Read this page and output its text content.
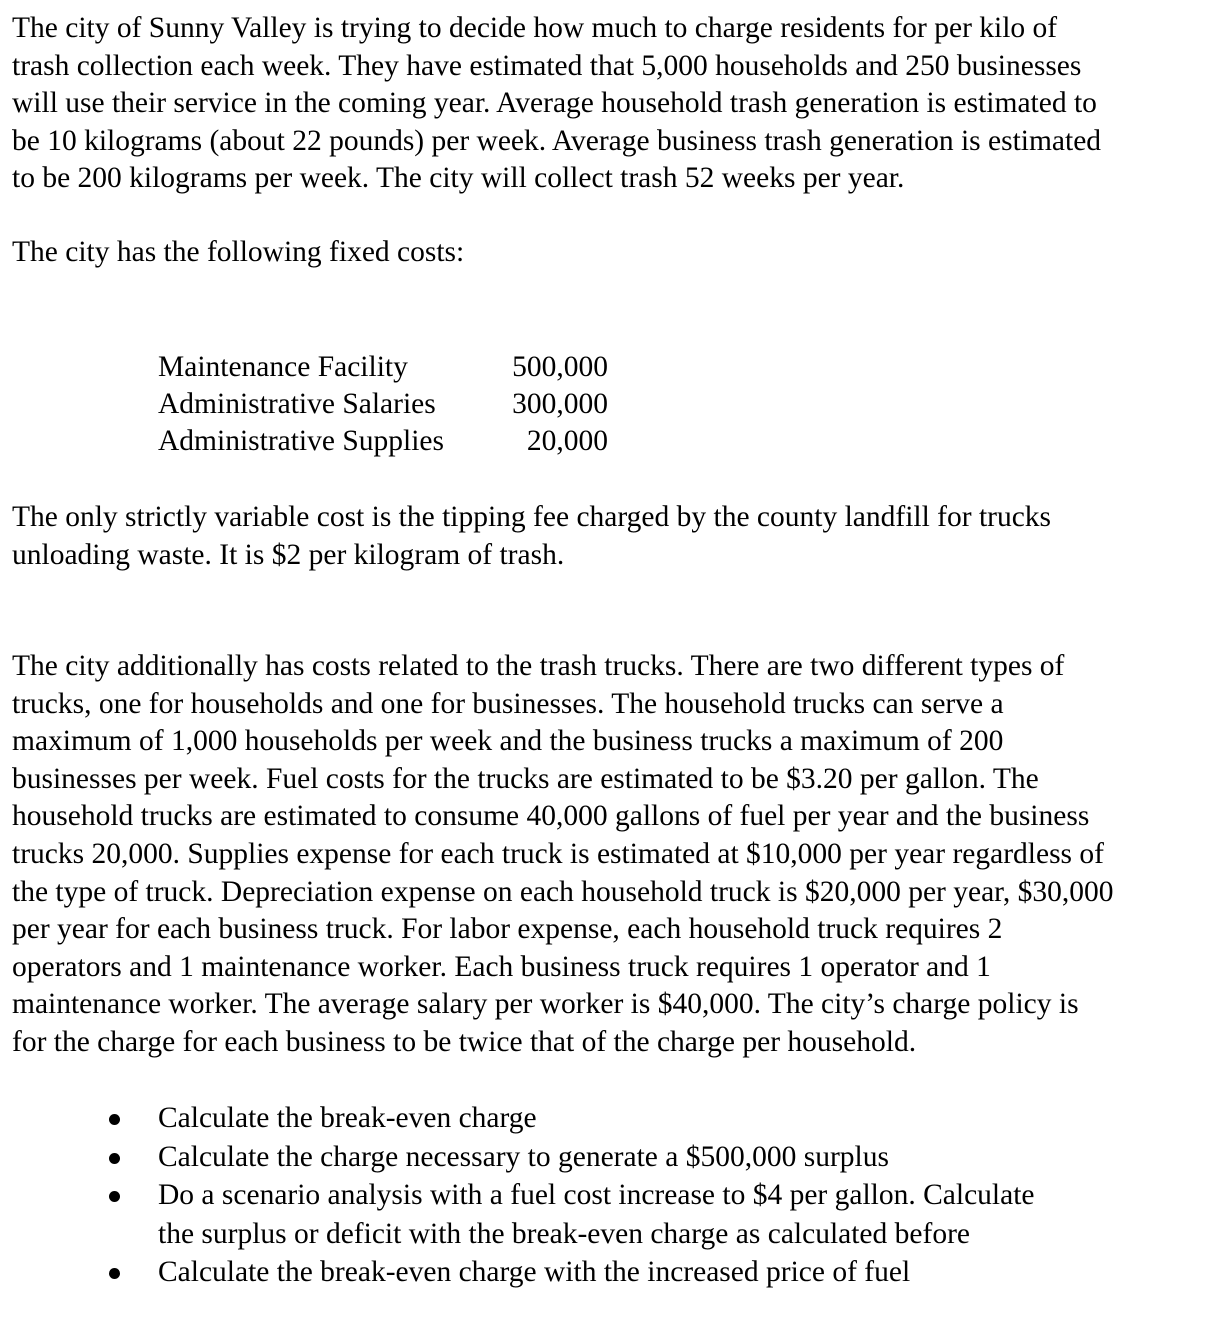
The city of Sunny Valley is trying to decide how much to charge residents for per kilo of
trash collection each week. They have estimated that 5,000 households and 250 businesses
will use their service in the coming year. Average household trash generation is estimated to
be 10 kilograms (about 22 pounds) per week. Average business trash generation is estimated
to be 200 kilograms per week. The city will collect trash 52 weeks per year.

The city has the following fixed costs:

Maintenance Facility	500,000
Administrative Salaries	300,000
Administrative Supplies	20,000

The only strictly variable cost is the tipping fee charged by the county landfill for trucks
unloading waste. It is $2 per kilogram of trash.

The city additionally has costs related to the trash trucks. There are two different types of
trucks, one for households and one for businesses. The household trucks can serve a
maximum of 1,000 households per week and the business trucks a maximum of 200
businesses per week. Fuel costs for the trucks are estimated to be $3.20 per gallon. The
household trucks are estimated to consume 40,000 gallons of fuel per year and the business
trucks 20,000. Supplies expense for each truck is estimated at $10,000 per year regardless of
the type of truck. Depreciation expense on each household truck is $20,000 per year, $30,000
per year for each business truck. For labor expense, each household truck requires 2
operators and 1 maintenance worker. Each business truck requires 1 operator and 1
maintenance worker. The average salary per worker is $40,000. The city’s charge policy is
for the charge for each business to be twice that of the charge per household.

Calculate the break-even charge
Calculate the charge necessary to generate a $500,000 surplus
Do a scenario analysis with a fuel cost increase to $4 per gallon. Calculate
the surplus or deficit with the break-even charge as calculated before
Calculate the break-even charge with the increased price of fuel
